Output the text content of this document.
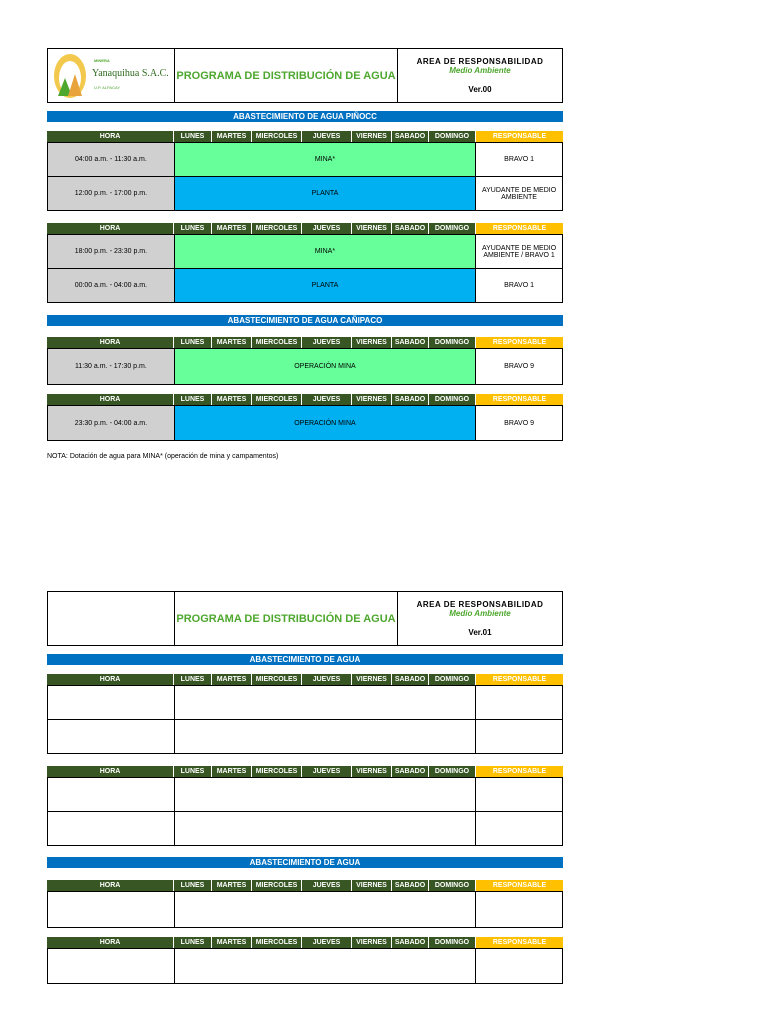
MINERA
Yanaquihua S.A.C.
U.P. ALPACAY
PROGRAMA DE DISTRIBUCIÓN DE AGUA
AREA DE RESPONSABILIDAD
Medio Ambiente
Ver.00
ABASTECIMIENTO DE AGUA PIÑOCC
HORA	LUNES	MARTES	MIERCOLES	JUEVES	VIERNES	SABADO	DOMINGO	RESPONSABLE
04:00 a.m. - 11:30 a.m.	MINA*	BRAVO 1
12:00 p.m. - 17:00 p.m.	PLANTA	AYUDANTE DE MEDIO AMBIENTE
HORA	LUNES	MARTES	MIERCOLES	JUEVES	VIERNES	SABADO	DOMINGO	RESPONSABLE
18:00 p.m. - 23:30 p.m.	MINA*	AYUDANTE DE MEDIO AMBIENTE / BRAVO 1
00:00 a.m. - 04:00 a.m.	PLANTA	BRAVO 1
ABASTECIMIENTO DE AGUA CAÑIPACO
HORA	LUNES	MARTES	MIERCOLES	JUEVES	VIERNES	SABADO	DOMINGO	RESPONSABLE
11:30 a.m. - 17:30 p.m.	OPERACIÓN MINA	BRAVO 9
HORA	LUNES	MARTES	MIERCOLES	JUEVES	VIERNES	SABADO	DOMINGO	RESPONSABLE
23:30 p.m. - 04:00 a.m.	OPERACIÓN MINA	BRAVO 9
NOTA: Dotación de agua para MINA* (operación de mina y campamentos)
PROGRAMA DE DISTRIBUCIÓN DE AGUA
AREA DE RESPONSABILIDAD
Medio Ambiente
Ver.01
ABASTECIMIENTO DE AGUA
HORA	LUNES	MARTES	MIERCOLES	JUEVES	VIERNES	SABADO	DOMINGO	RESPONSABLE
HORA	LUNES	MARTES	MIERCOLES	JUEVES	VIERNES	SABADO	DOMINGO	RESPONSABLE
ABASTECIMIENTO DE AGUA
HORA	LUNES	MARTES	MIERCOLES	JUEVES	VIERNES	SABADO	DOMINGO	RESPONSABLE
HORA	LUNES	MARTES	MIERCOLES	JUEVES	VIERNES	SABADO	DOMINGO	RESPONSABLE
